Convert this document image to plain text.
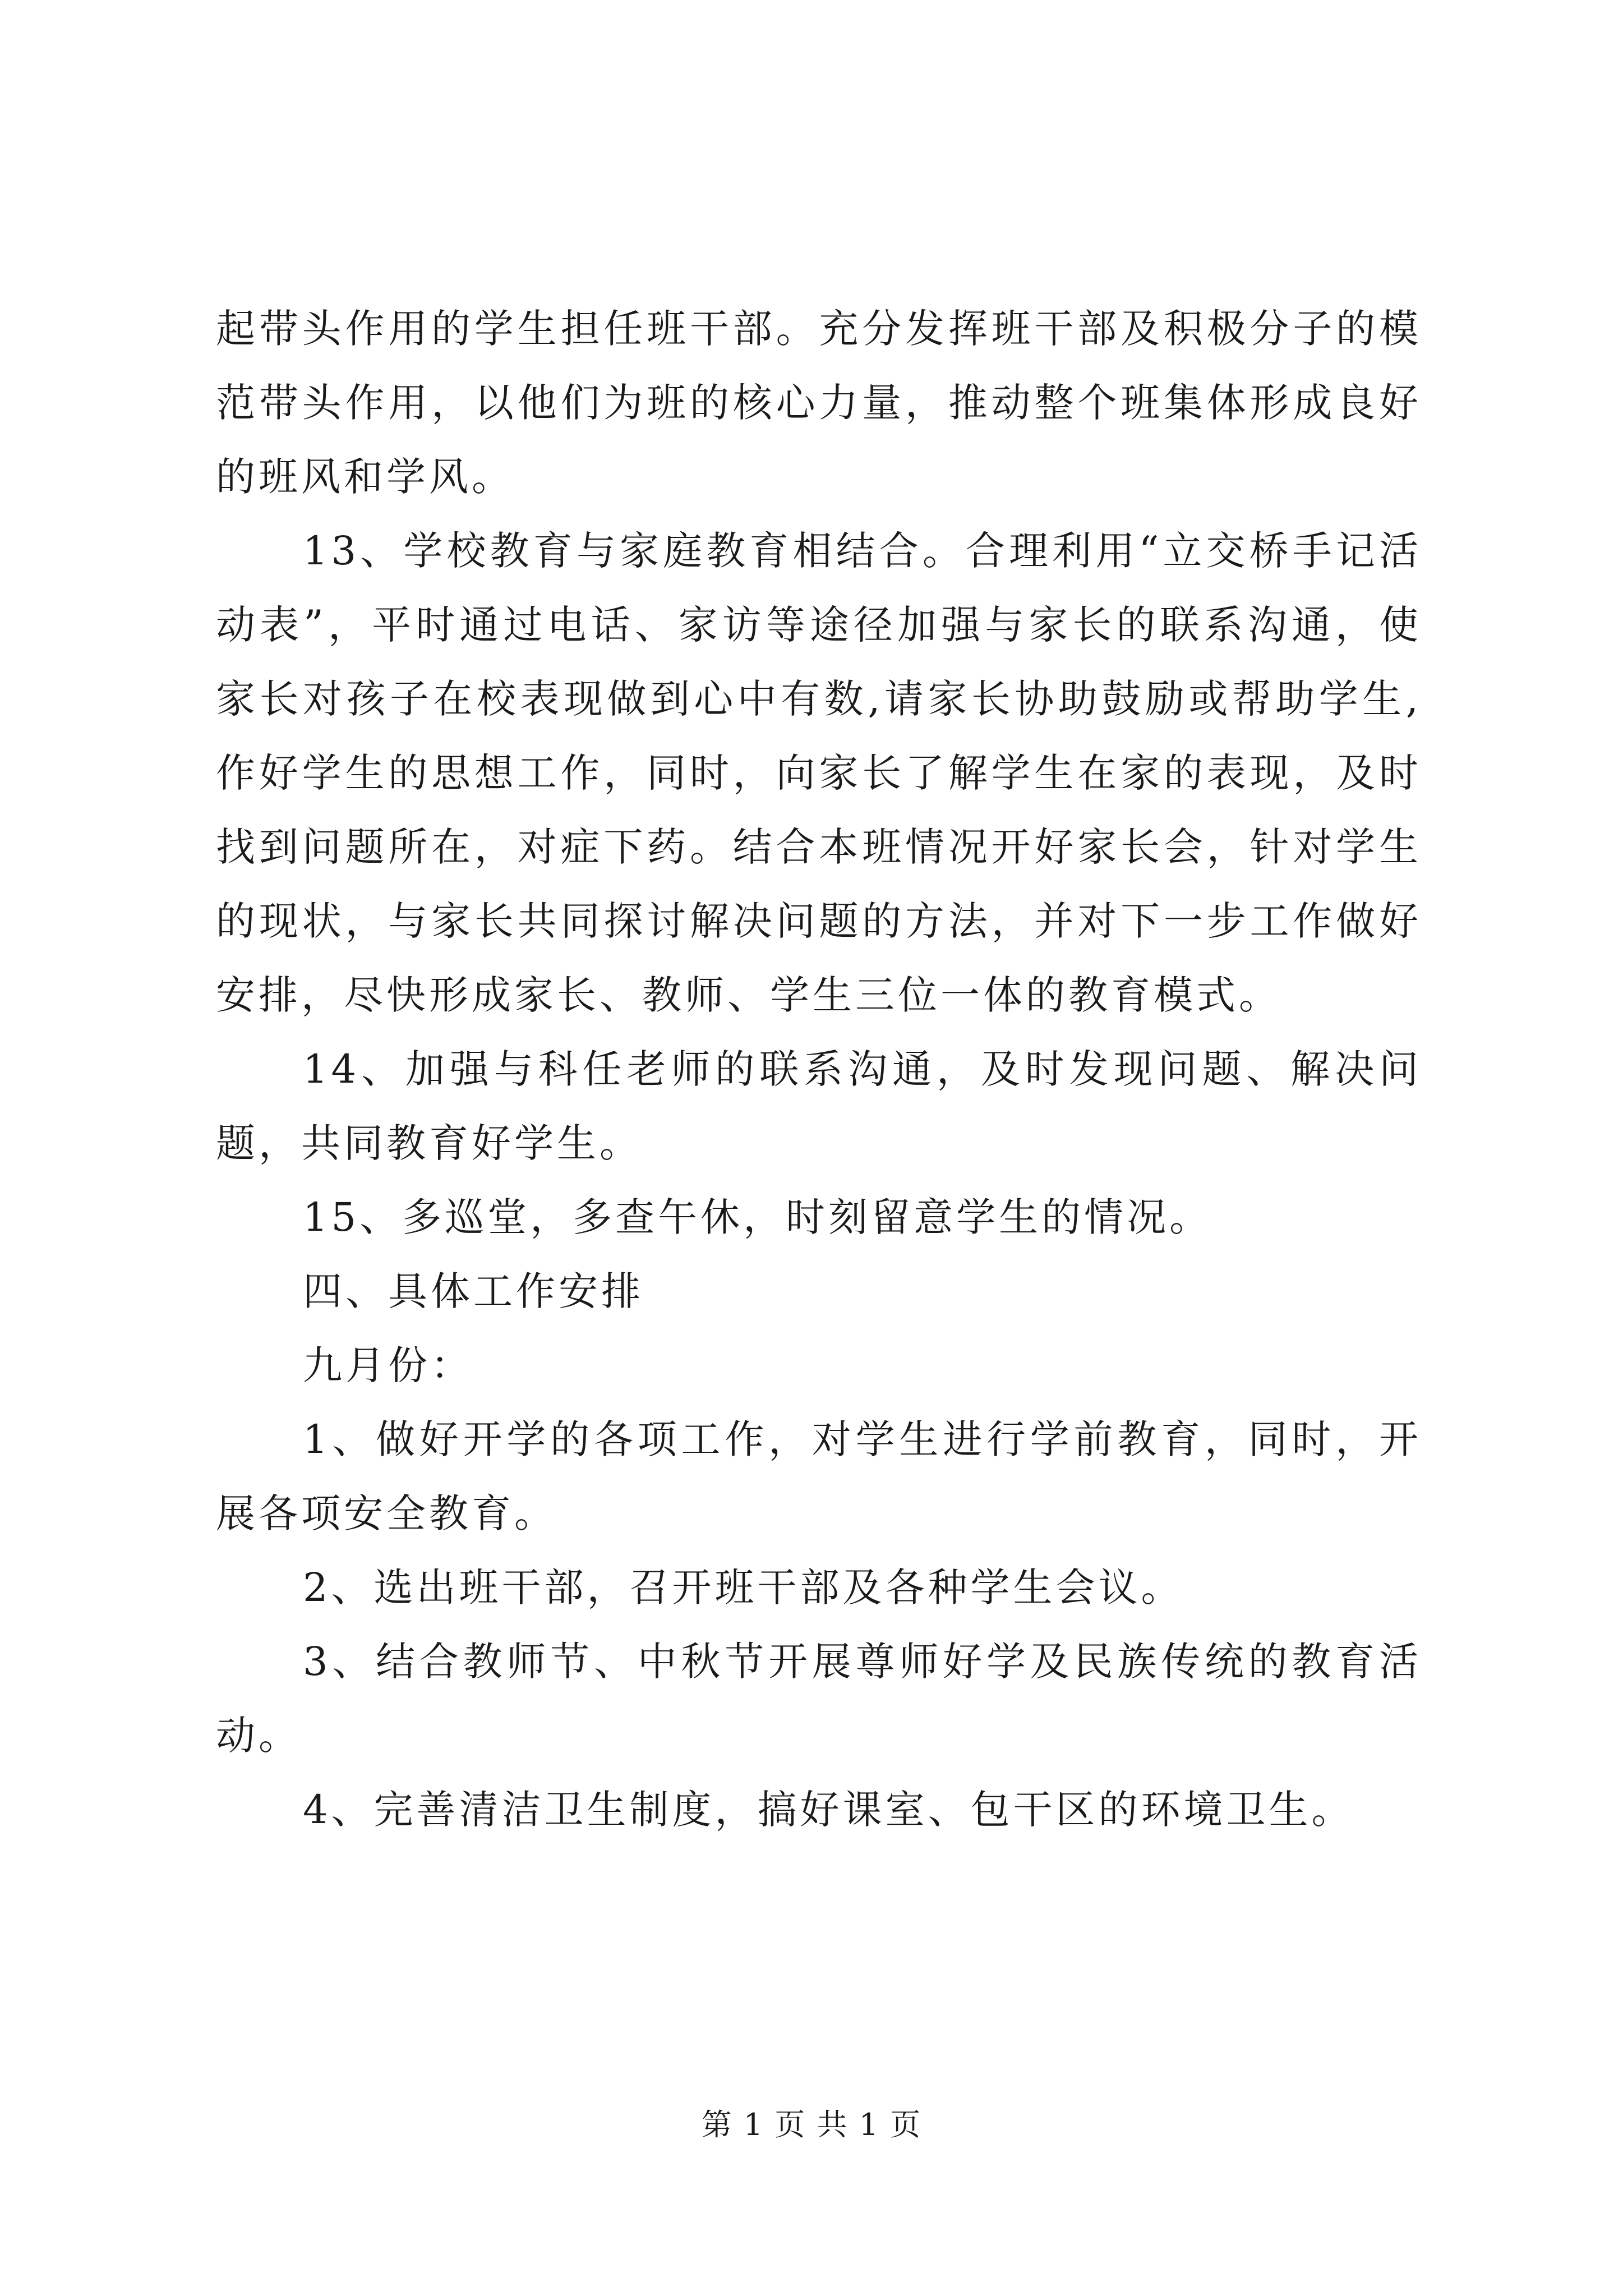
起带头作用的学生担任班干部。充分发挥班干部及积极分子的模范带头作用，以他们为班的核心力量，推动整个班集体形成良好的班风和学风。

13、学校教育与家庭教育相结合。合理利用“立交桥手记活动表”，平时通过电话、家访等途径加强与家长的联系沟通，使家长对孩子在校表现做到心中有数,请家长协助鼓励或帮助学生,作好学生的思想工作，同时，向家长了解学生在家的表现，及时找到问题所在，对症下药。结合本班情况开好家长会，针对学生的现状，与家长共同探讨解决问题的方法，并对下一步工作做好安排，尽快形成家长、教师、学生三位一体的教育模式。

14、加强与科任老师的联系沟通，及时发现问题、解决问题，共同教育好学生。

15、多巡堂，多查午休，时刻留意学生的情况。

四、具体工作安排

九月份：

1、做好开学的各项工作，对学生进行学前教育，同时，开展各项安全教育。

2、选出班干部，召开班干部及各种学生会议。

3、结合教师节、中秋节开展尊师好学及民族传统的教育活动。

4、完善清洁卫生制度，搞好课室、包干区的环境卫生。

第 1 页 共 1 页
